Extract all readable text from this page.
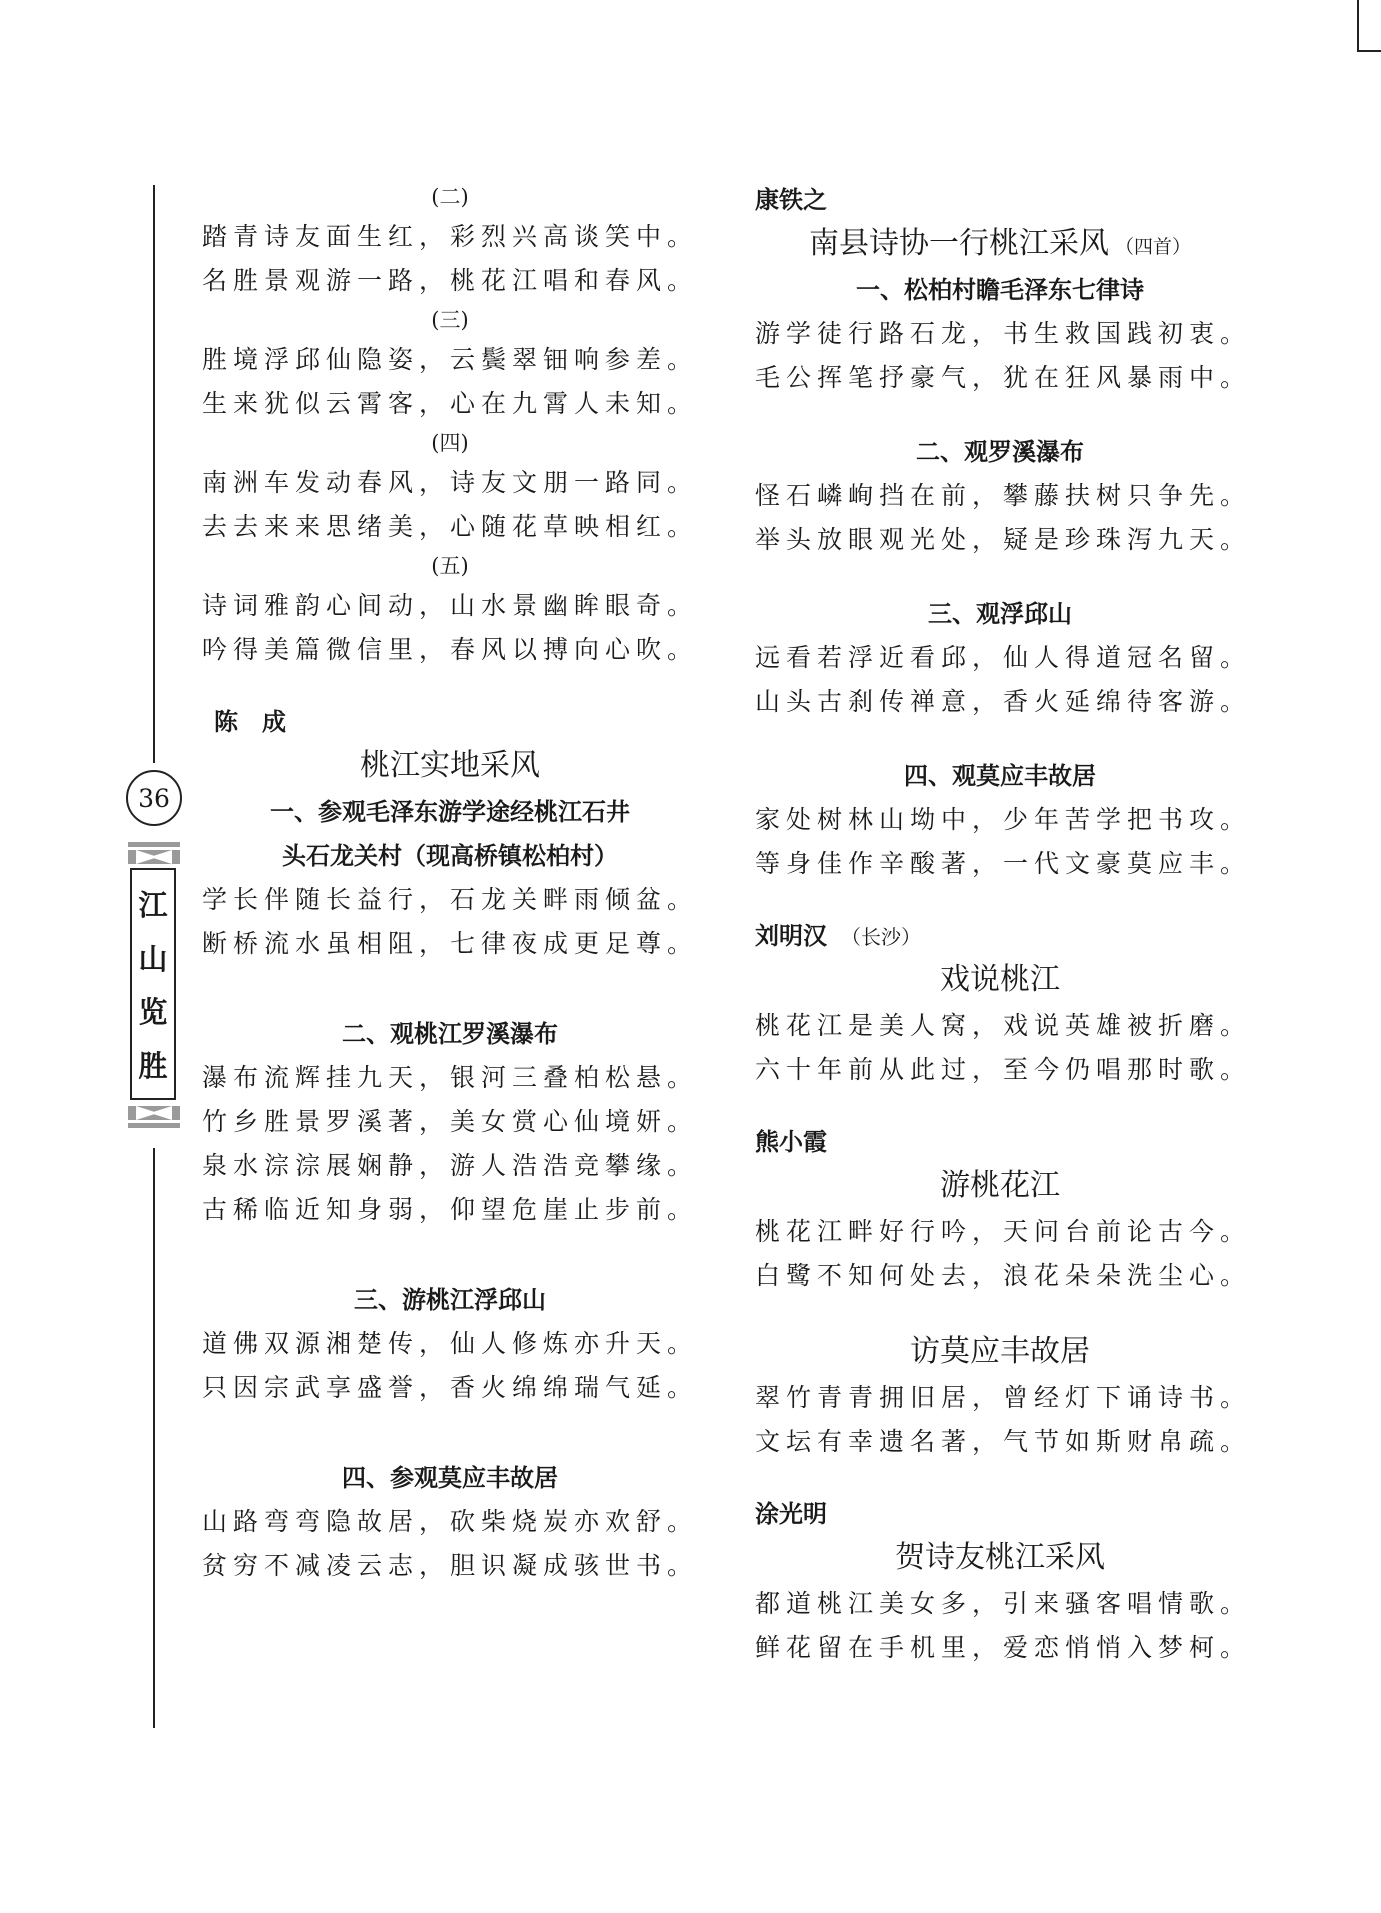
36
江
山
览
胜
(二)
踏青诗友面生红，彩烈兴高谈笑中。
名胜景观游一路，桃花江唱和春风。
(三)
胜境浮邱仙隐姿，云鬓翠钿响参差。
生来犹似云霄客，心在九霄人未知。
(四)
南洲车发动春风，诗友文朋一路同。
去去来来思绪美，心随花草映相红。
(五)
诗词雅韵心间动，山水景幽眸眼奇。
吟得美篇微信里，春风以搏向心吹。
陈　成
桃江实地采风
一、参观毛泽东游学途经桃江石井
头石龙关村（现高桥镇松柏村）
学长伴随长益行，石龙关畔雨倾盆。
断桥流水虽相阻，七律夜成更足尊。
二、观桃江罗溪瀑布
瀑布流辉挂九天，银河三叠柏松悬。
竹乡胜景罗溪著，美女赏心仙境妍。
泉水淙淙展娴静，游人浩浩竞攀缘。
古稀临近知身弱，仰望危崖止步前。
三、游桃江浮邱山
道佛双源湘楚传，仙人修炼亦升天。
只因宗武享盛誉，香火绵绵瑞气延。
四、参观莫应丰故居
山路弯弯隐故居，砍柴烧炭亦欢舒。
贫穷不减凌云志，胆识凝成骇世书。
康铁之
南县诗协一行桃江采风 （四首）
一、松柏村瞻毛泽东七律诗
游学徒行路石龙，书生救国践初衷。
毛公挥笔抒豪气，犹在狂风暴雨中。
二、观罗溪瀑布
怪石嶙峋挡在前，攀藤扶树只争先。
举头放眼观光处，疑是珍珠泻九天。
三、观浮邱山
远看若浮近看邱，仙人得道冠名留。
山头古刹传禅意，香火延绵待客游。
四、观莫应丰故居
家处树林山坳中，少年苦学把书攻。
等身佳作辛酸著，一代文豪莫应丰。
刘明汉 （长沙）
戏说桃江
桃花江是美人窝，戏说英雄被折磨。
六十年前从此过，至今仍唱那时歌。
熊小霞
游桃花江
桃花江畔好行吟，天问台前论古今。
白鹭不知何处去，浪花朵朵洗尘心。
访莫应丰故居
翠竹青青拥旧居，曾经灯下诵诗书。
文坛有幸遗名著，气节如斯财帛疏。
涂光明
贺诗友桃江采风
都道桃江美女多，引来骚客唱情歌。
鲜花留在手机里，爱恋悄悄入梦柯。
